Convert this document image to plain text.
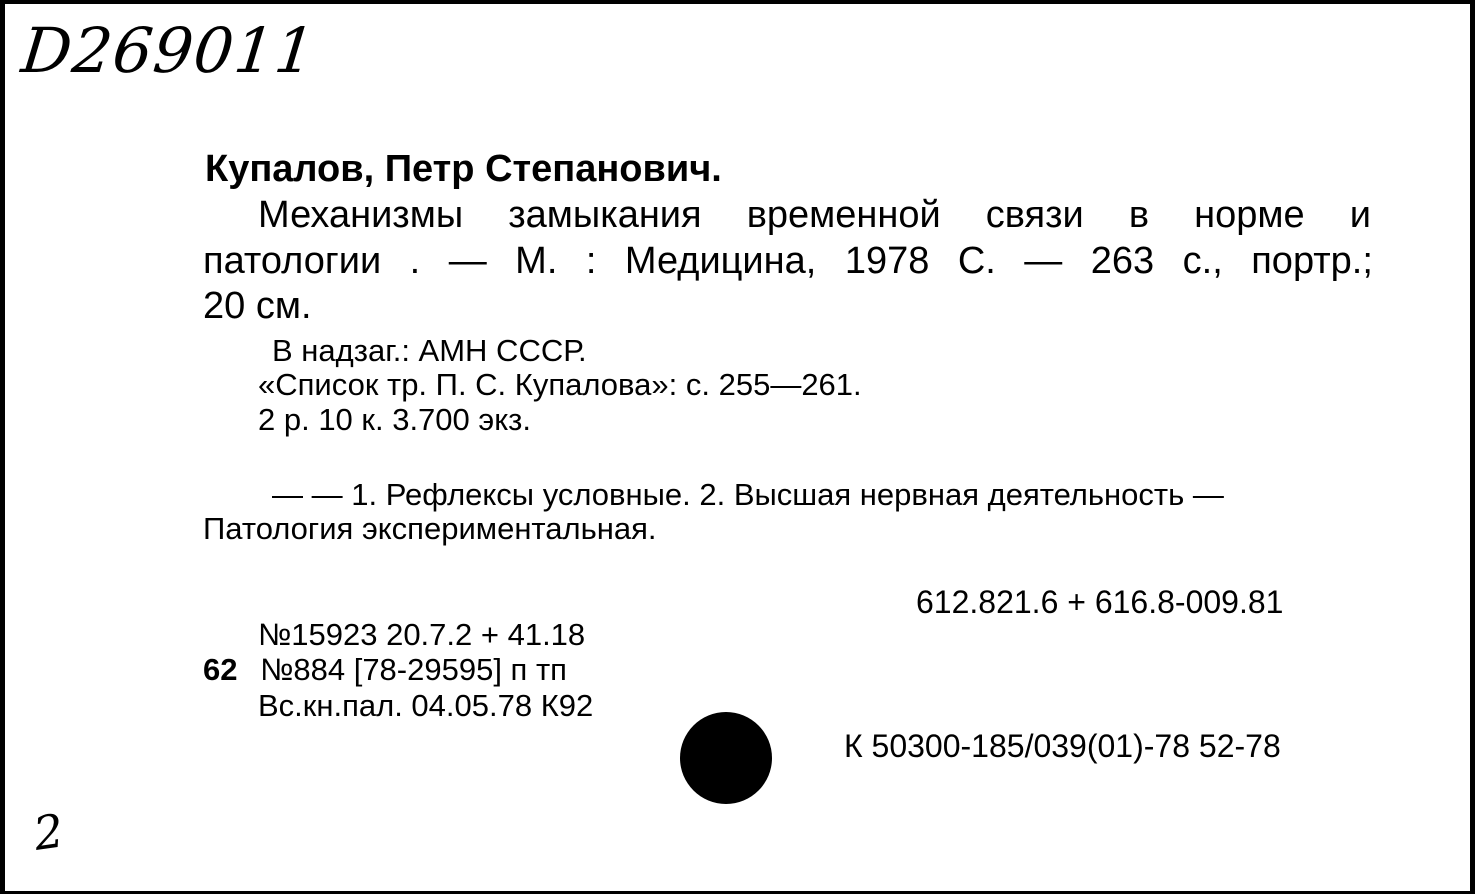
D269011
Купалов, Петр Степанович.
Механизмы замыкания временной связи в норме и
патологии . — М. : Медицина, 1978 С. — 263 с., портр.;
20 см.
В надзаг.: АМН СССР.
«Список тр. П. С. Купалова»: с. 255—261.
2 р. 10 к. 3.700 экз.
— — 1. Рефлексы условные. 2. Высшая нервная деятельность —
Патология экспериментальная.
612.821.6 + 616.8-009.81
№15923 20.7.2 + 41.18
62 №884 [78-29595] п тп
Вс.кн.пал. 04.05.78 К92
К 50300-185/039(01)-78 52-78
2
